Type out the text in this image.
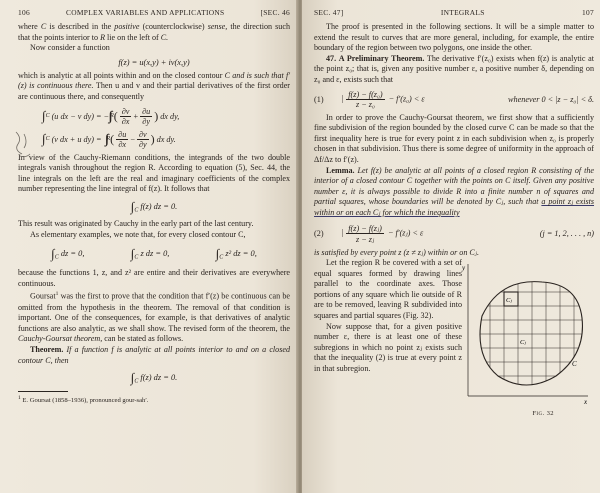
106	COMPLEX VARIABLES AND APPLICATIONS	[SEC. 46

where C is described in the positive (counterclockwise) sense, the direction such that the points interior to R lie on the left of C.

Now consider a function

f(z) = u(x,y) + iv(x,y)

which is analytic at all points within and on the closed contour C and is such that f′(z) is continuous there. Then u and v and their partial derivatives of the first order are continuous there, and consequently

∫ C (u dx − v dy) = − R ( $\frac{\partial v}{\partial x} + \frac{\partial u}{\partial y}$ ) dx dy,
∫ C (v dx + u dy) = R ( $\frac{\partial u}{\partial x} - \frac{\partial v}{\partial y}$ ) dx dy.

In view of the Cauchy-Riemann conditions, the integrands of the two double integrals vanish throughout the region R. According to equation (5), Sec. 44, the line integrals on the left are the real and imaginary coefficients of the complex number representing the line integral of f(z). It follows that

$\int_C$ f(z) dz = 0.

This result was originated by Cauchy in the early part of the last century.

As elementary examples, we note that, for every closed contour C,

$\int_C$ dz = 0,	$\int_C$ z dz = 0,	$\int_C$ z² dz = 0,

because the functions 1, z, and z² are entire and their derivatives are everywhere continuous.

Goursat$^1$ was the first to prove that the condition that f′(z) be continuous can be omitted from the hypothesis in the theorem. The removal of that condition is important. One of the consequences, for example, is that derivatives of analytic functions are also analytic, as we shall show. The revised form of the theorem, the Cauchy-Goursat theorem, can be stated as follows.

Theorem. If a function f is analytic at all points interior to and on a closed contour C, then

$\int_C$ f(z) dz = 0.
$^1$ E. Goursat (1858–1936), pronounced gour-sah′.
SEC. 47]	INTEGRALS	107

The proof is presented in the following sections. It will be a simple matter to extend the result to curves that are more general, including, for example, the entire boundary of the region between two polygons, one inside the other.

47. A Preliminary Theorem. The derivative f′(z₀) exists when f(z) is analytic at the point z₀; that is, given any positive number ε, a positive number δ, depending on z₀ and ε, exists such that

(1)	| $\frac{\text{f(z) − f(z₀)}}{\text{z − z₀}} - f'(z_0) < \varepsilon$	whenever 0 < |z − z₀| < δ.

In order to prove the Cauchy-Goursat theorem, we first show that a sufficiently fine subdivision of the region bounded by the closed curve C can be made so that the first inequality here is true for every point z in each subdivision when z₀ is properly chosen in that subdivision. Thus there is some degree of uniformity in the approach of Δf/Δz to f′(z).

Lemma. Let f(z) be analytic at all points of a closed region R consisting of the interior of a closed contour C together with the points on C itself. Given any positive number ε, it is always possible to divide R into a finite number n of squares and partial squares, whose boundaries will be denoted by Cⱼ, such that a point zⱼ exists within or on each Cⱼ for which the inequality

(2)	| $\frac{\text{f(z) − f(zⱼ)}}{\text{z − zⱼ}}$ − f′(zⱼ) < ε	(j = 1, 2, . . . , n)

is satisfied by every point z (z ≠ zⱼ) within or on Cⱼ.

Let the region R be covered with a set of equal squares formed by drawing lines parallel to the coordinate axes. Those portions of any square which lie outside of R are to be removed, leaving R subdivided into squares and partial squares (Fig. 32).

Now suppose that, for a given positive number ε, there is at least one of these subregions in which no point zⱼ exists such that the inequality (2) is true at every point z in that subregion.

y
x
Cⱼ
Cⱼ
C
Fig. 32
